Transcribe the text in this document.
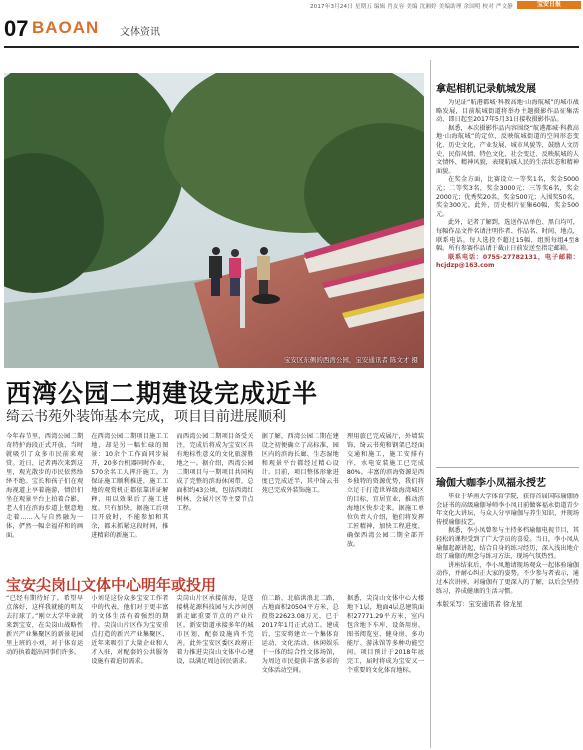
2017年3月24日 星期五 编辑 肖友容 美编 沈湘婷 美编助理 余国明 校对 严文静	宝安日报
07 BAOAN 文体资讯
宝安区东侧的西湾公园，宝安通讯者 陈文才 摄
西湾公园二期建设完成近半
绮云书苑外装饰基本完成，项目目前进展顺利
今年春节里，西湾公园二期奇特护海段正式开放，当时就吸引了众多市民前来观赏。近日，记者再次来到这里，观光散步的市民依然络绎不绝。宝长和孩子们在观海视道上享着施游，情侣们坐在观景平台上拍着合影，老人们在滨海步道上惬意地走着……入与自然融为一体，俨然一幅幸福祥和的画面。
在西湾公园二期项目施工工地，却是另一幅忙碌的图景：10余个工作面同步展开，20多台机器同时作业，570余名工人挥汗施工。为保证施工顺利推进，施工工地的观赏机正都依靠讲证解释，用以效果后了施工进度。只有加快，据施工后项目开放时，不能参加和其余，都未抓紧这段时间，推进精彩的新施工。
而西湾公园二期项目备受关注，完成后将成为宝安区具有地标性意义的文化旅游胜地之一。据介绍，西湾公园二期项目与一期项目共同构成了完整的滨海休闲带，总面积约43公顷，包括西湾红树林、会展片区等主要节点工程。
据了解，西湾公园二期在建设之初便确立了高标准，园区内的滨海长廊、生态湿地和观景平台都经过精心设计。目前，项目整体形象进度已完成近半，其中绮云书苑已完成外装饰施工。
理用旅已完成展厅，外墙装饰，绮云书苑和钢架已经面交通和施工，施工安排有序，水电安装施工已完成80%。丰富的滨海资源是西乡独特的资源优势，我们将立足于打造世界级海湾城区的目标，宜居宜业，推动滨海地区快步走来。据施工单位负责人介绍，他们将发挥工匠精神，加快工程进度，确保西湾公园二期全部开放。
宝安尖岗山文体中心明年或投用
“已经有期待好了，希望早点落好，这样我就能的明友去打球了。”刚立大学毕业就来到宝安，在尖岗山战略性新兴产业集聚区的新景花园里上班的小刘，对于体育运动的执着超出同事们许多。
小刘是这份众多宝安工作者中的代表，他们对于更丰富的文体生活有着强烈的期待。尖岗山片区作为宝安重点打造的新兴产业集聚区，近年来吸引了大量企业和人才入驻，对配套的公共服务设施有着迫切需求。
尖岗山片区承接前海，是连接桃花源科技园与大沙河创新走廊重要节点的产业片区。新安街道承接多年的城市区划，配套设施尚不完善，此外宝安区委区政府正着力推进尖岗山文体中心建设，以满足周边居民需求。
伯二路，北临洪浪北二路，占地面积20504平方米，总投资22623.08万元，已于2017年1月正式动工。建成后，宝安将建立一个集体育运动、文化活动、休闲娱乐于一体的综合性文体场馆，为周边市民提供丰富多彩的文体活动空间。
据悉，尖岗山文体中心大楼地下1层，地面4层总建筑面积27771.29平方米，室内包含地下车库、设备用房、图书阅览室、健身房、多功能厅、游泳馆等多种功能空间。项目预计于2018年底完工，届时将成为宝安又一个重要的文化体育地标。
拿起相机记录航城发展

为见证“航港都城·科教高地·山海航城”的城市战略发展，目前航城街道将举办主题摄影作品征集活动，即日起至2017年5月31日接收摄影作品。

据悉，本次摄影作品内容围绕“航港都城·科教高地·山海航城”的定位，反映航城街道的空间形态变化、历史文化、产业发展、城市风貌等，鼓励人文历史、民俗风情、特色文化、社会变迁、反映航城的人文情怀、精神风貌，表现航城人民的生活状态和精神面貌。

在奖金方面，比赛设立一等奖1名，奖金5000元；二等奖3名，奖金3000元；三等奖6名，奖金2000元；优秀奖20名，奖金500元；入围奖50名，奖金300元。此外，历史相片征集60幅，奖金500元。

此外，记者了解到，选送作品单色、黑白均可，每幅作品文件名请注明作者、作品名、时间、地点，联系电话。每人选投不超过15幅，组照每组4至8幅。所有参赛作品请于截止日前发送至指定邮箱。

联系电话：0755-27782131，电子邮箱：hcjdzp@163.com

瑜伽大咖李小凤福永授艺

毕业于华南大学体育学院，获得首届国际瑜伽协会证书的高级瑜伽导师李小凤日前做客福永街道青少年文化大讲坛，与众人分享瑜伽与养生知识，并现场传授瑜伽技艺。

据悉，李小凤曾参与主持多档瑜伽电视节目，其轻松的课程受到了广大学员的喜爱。当日，李小凤从瑜伽起源讲起，结合自身的练习经历，深入浅出地介绍了瑜伽的理念与练习方法，现场气氛热烈。

讲座结束后，李小凤邀请现场观众一起体验瑜伽动作，并耐心纠正大家的姿势。不少参与者表示，通过本次讲座，对瑜伽有了更深入的了解，以后会坚持练习，养成健康的生活习惯。

本版采写：宝安通讯者 徐龙星
